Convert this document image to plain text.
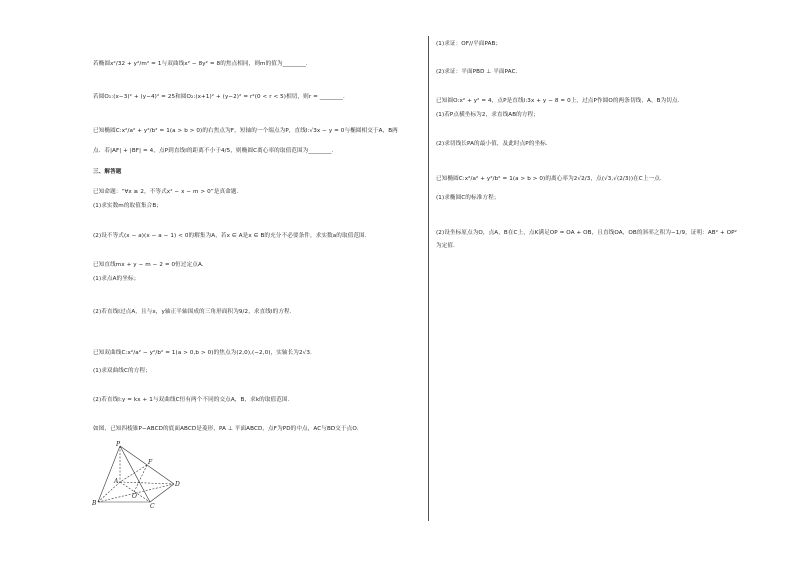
若椭圆x²/32 + y²/m² = 1与双曲线x² − 8y² = 8的焦点相同，则m的值为________.
若圆O₁:(x−3)² + (y−4)² = 25和圆O₂:(x+1)² + (y−2)² = r²(0 < r < 5)相切，则r = ________.
已知椭圆C:x²/a² + y²/b² = 1(a > b > 0)的右焦点为F，短轴的一个端点为P，直线l:√3x − y = 0与椭圆相交于A，B两
点．若|AF| + |BF| = 4，点P到直线l的距离不小于4/5，则椭圆C离心率的取值范围为________.
三、解答题
已知命题：“∀x ≥ 2，不等式x² − x − m > 0”是真命题.
(1)求实数m的取值集合B；
(2)设不等式(x − a)(x − a − 1) < 0的解集为A，若x ∈ A是x ∈ B的充分不必要条件，求实数a的取值范围.
已知直线mx + y − m − 2 = 0恒过定点A.
(1)求点A的坐标；
(2)若直线l过点A，且与x，y轴正半轴围成的三角形面积为9/2，求直线l的方程.
已知双曲线C:x²/a² − y²/b² = 1(a > 0,b > 0)的焦点为(2,0),(−2,0)，实轴长为2√3.
(1)求双曲线C的方程；
(2)若直线l:y = kx + 1与双曲线C恒有两个不同的交点A，B，求k的取值范围.
如图，已知四棱锥P−ABCD的底面ABCD是菱形，PA ⊥ 平面ABCD，点F为PD的中点，AC与BD交于点O.
P
F
A	D
O
B	C
(1)求证：OF//平面PAB；
(2)求证：平面PBD ⊥ 平面PAC.
已知圆O:x² + y² = 4，点P是直线l:3x + y − 8 = 0上，过点P作圆O的两条切线，A，B为切点.
(1)若P点横坐标为2，求直线AB的方程；
(2)求切线长PA的最小值，及此时点P的坐标.
已知椭圆C:x²/a² + y²/b² = 1(a > b > 0)的离心率为2√2/3，点(√3,√(2/3))在C上一点.
(1)求椭圆C的标准方程；
(2)设坐标原点为O，点A，B在C上，点K满足OP = OA + OB，且直线OA，OB的斜率之积为−1/9，证明：AB² + OP²
为定值.
